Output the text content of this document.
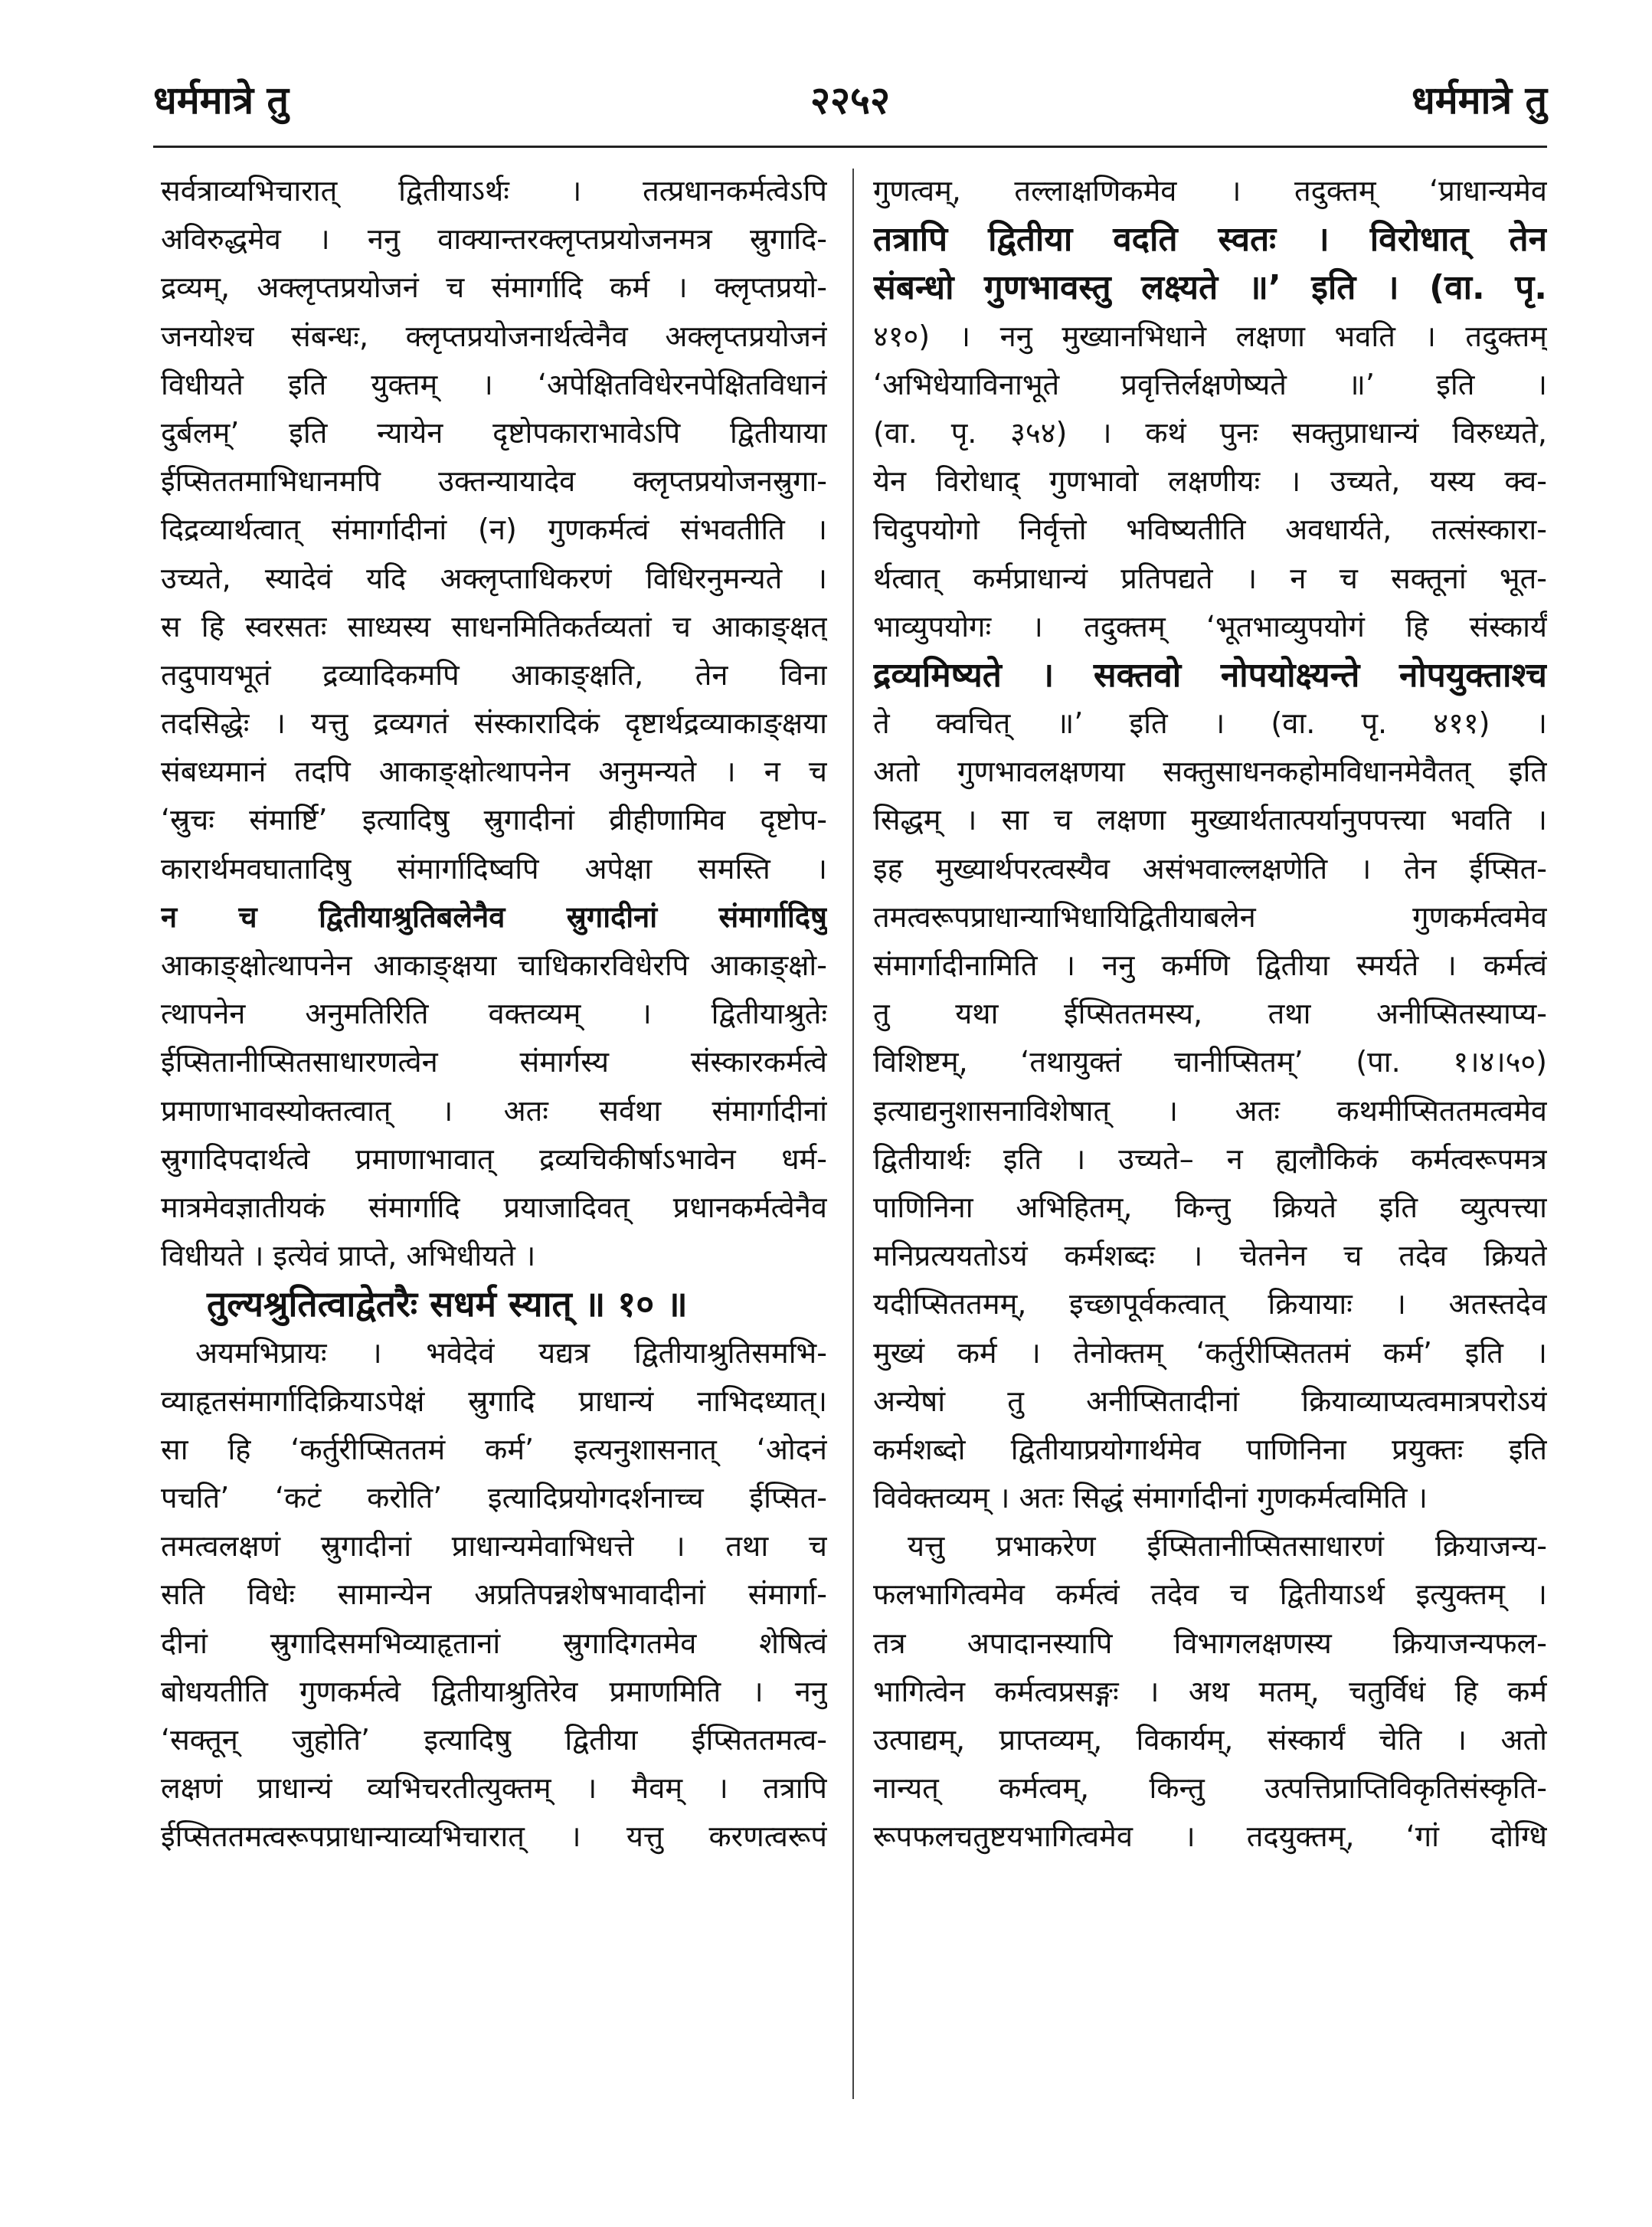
धर्ममात्रे तु	२२५२	धर्ममात्रे तु
सर्वत्राव्यभिचारात् द्वितीयाऽर्थः । तत्प्रधानकर्मत्वेऽपि
अविरुद्धमेव । ननु वाक्यान्तरक्लृप्तप्रयोजनमत्र स्रुगादि-
द्रव्यम्, अक्लृप्तप्रयोजनं च संमार्गादि कर्म । क्लृप्तप्रयो-
जनयोश्च संबन्धः, क्लृप्तप्रयोजनार्थत्वेनैव अक्लृप्तप्रयोजनं
विधीयते इति युक्तम् । ‘अपेक्षितविधेरनपेक्षितविधानं
दुर्बलम्’ इति न्यायेन दृष्टोपकाराभावेऽपि द्वितीयाया
ईप्सिततमाभिधानमपि उक्तन्यायादेव क्लृप्तप्रयोजनस्रुगा-
दिद्रव्यार्थत्वात् संमार्गादीनां (न) गुणकर्मत्वं संभवतीति ।
उच्यते, स्यादेवं यदि अक्लृप्ताधिकरणं विधिरनुमन्यते ।
स हि स्वरसतः साध्यस्य साधनमितिकर्तव्यतां च आकाङ्क्षत्
तदुपायभूतं द्रव्यादिकमपि आकाङ्क्षति, तेन विना
तदसिद्धेः । यत्तु द्रव्यगतं संस्कारादिकं दृष्टार्थद्रव्याकाङ्क्षया
संबध्यमानं तदपि आकाङ्क्षोत्थापनेन अनुमन्यते । न च
‘स्रुचः संमार्ष्टि’ इत्यादिषु स्रुगादीनां व्रीहीणामिव दृष्टोप-
कारार्थमवघातादिषु संमार्गादिष्वपि अपेक्षा समस्ति ।
न च द्वितीयाश्रुतिबलेनैव स्रुगादीनां संमार्गादिषु
आकाङ्क्षोत्थापनेन आकाङ्क्षया चाधिकारविधेरपि आकाङ्क्षो-
त्थापनेन अनुमतिरिति वक्तव्यम् । द्वितीयाश्रुतेः
ईप्सितानीप्सितसाधारणत्वेन संमार्गस्य संस्कारकर्मत्वे
प्रमाणाभावस्योक्तत्वात् । अतः सर्वथा संमार्गादीनां
स्रुगादिपदार्थत्वे प्रमाणाभावात् द्रव्यचिकीर्षाऽभावेन धर्म-
मात्रमेवज्ञातीयकं संमार्गादि प्रयाजादिवत् प्रधानकर्मत्वेनैव
विधीयते । इत्येवं प्राप्ते, अभिधीयते ।
तुल्यश्रुतित्वाद्वेतरैः सधर्म स्यात् ॥ १० ॥
अयमभिप्रायः । भवेदेवं यद्यत्र द्वितीयाश्रुतिसमभि-
व्याहृतसंमार्गादिक्रियाऽपेक्षं स्रुगादि प्राधान्यं नाभिदध्यात्।
सा हि ‘कर्तुरीप्सिततमं कर्म’ इत्यनुशासनात् ‘ओदनं
पचति’ ‘कटं करोति’ इत्यादिप्रयोगदर्शनाच्च ईप्सित-
तमत्वलक्षणं स्रुगादीनां प्राधान्यमेवाभिधत्ते । तथा च
सति विधेः सामान्येन अप्रतिपन्नशेषभावादीनां संमार्गा-
दीनां स्रुगादिसमभिव्याहृतानां स्रुगादिगतमेव शेषित्वं
बोधयतीति गुणकर्मत्वे द्वितीयाश्रुतिरेव प्रमाणमिति । ननु
‘सक्तून् जुहोति’ इत्यादिषु द्वितीया ईप्सिततमत्व-
लक्षणं प्राधान्यं व्यभिचरतीत्युक्तम् । मैवम् । तत्रापि
ईप्सिततमत्वरूपप्राधान्याव्यभिचारात् । यत्तु करणत्वरूपं
गुणत्वम्, तल्लाक्षणिकमेव । तदुक्तम् ‘प्राधान्यमेव
तत्रापि द्वितीया वदति स्वतः । विरोधात् तेन
संबन्धो गुणभावस्तु लक्ष्यते ॥’ इति । (वा. पृ.
४१०) । ननु मुख्यानभिधाने लक्षणा भवति । तदुक्तम्
‘अभिधेयाविनाभूते प्रवृत्तिर्लक्षणेष्यते ॥’ इति ।
(वा. पृ. ३५४) । कथं पुनः सक्तुप्राधान्यं विरुध्यते,
येन विरोधाद् गुणभावो लक्षणीयः । उच्यते, यस्य क्व-
चिदुपयोगो निर्वृत्तो भविष्यतीति अवधार्यते, तत्संस्कारा-
र्थत्वात् कर्मप्राधान्यं प्रतिपद्यते । न च सक्तूनां भूत-
भाव्युपयोगः । तदुक्तम् ‘भूतभाव्युपयोगं हि संस्कार्यं
द्रव्यमिष्यते । सक्तवो नोपयोक्ष्यन्ते नोपयुक्ताश्च
ते क्वचित् ॥’ इति । (वा. पृ. ४११) ।
अतो गुणभावलक्षणया सक्तुसाधनकहोमविधानमेवैतत् इति
सिद्धम् । सा च लक्षणा मुख्यार्थतात्पर्यानुपपत्त्या भवति ।
इह मुख्यार्थपरत्वस्यैव असंभवाल्लक्षणेति । तेन ईप्सित-
तमत्वरूपप्राधान्याभिधायिद्वितीयाबलेन गुणकर्मत्वमेव
संमार्गादीनामिति । ननु कर्मणि द्वितीया स्मर्यते । कर्मत्वं
तु यथा ईप्सिततमस्य, तथा अनीप्सितस्याप्य-
विशिष्टम्, ‘तथायुक्तं चानीप्सितम्’ (पा. १।४।५०)
इत्याद्यनुशासनाविशेषात् । अतः कथमीप्सिततमत्वमेव
द्वितीयार्थः इति । उच्यते– न ह्यलौकिकं कर्मत्वरूपमत्र
पाणिनिना अभिहितम्, किन्तु क्रियते इति व्युत्पत्त्या
मनिप्रत्ययतोऽयं कर्मशब्दः । चेतनेन च तदेव क्रियते
यदीप्सिततमम्, इच्छापूर्वकत्वात् क्रियायाः । अतस्तदेव
मुख्यं कर्म । तेनोक्तम् ‘कर्तुरीप्सिततमं कर्म’ इति ।
अन्येषां तु अनीप्सितादीनां क्रियाव्याप्यत्वमात्रपरोऽयं
कर्मशब्दो द्वितीयाप्रयोगार्थमेव पाणिनिना प्रयुक्तः इति
विवेक्तव्यम् । अतः सिद्धं संमार्गादीनां गुणकर्मत्वमिति ।
यत्तु प्रभाकरेण ईप्सितानीप्सितसाधारणं क्रियाजन्य-
फलभागित्वमेव कर्मत्वं तदेव च द्वितीयाऽर्थ इत्युक्तम् ।
तत्र अपादानस्यापि विभागलक्षणस्य क्रियाजन्यफल-
भागित्वेन कर्मत्वप्रसङ्गः । अथ मतम्, चतुर्विधं हि कर्म
उत्पाद्यम्, प्राप्तव्यम्, विकार्यम्, संस्कार्यं चेति । अतो
नान्यत् कर्मत्वम्, किन्तु उत्पत्तिप्राप्तिविकृतिसंस्कृति-
रूपफलचतुष्टयभागित्वमेव । तदयुक्तम्, ‘गां दोग्धि
